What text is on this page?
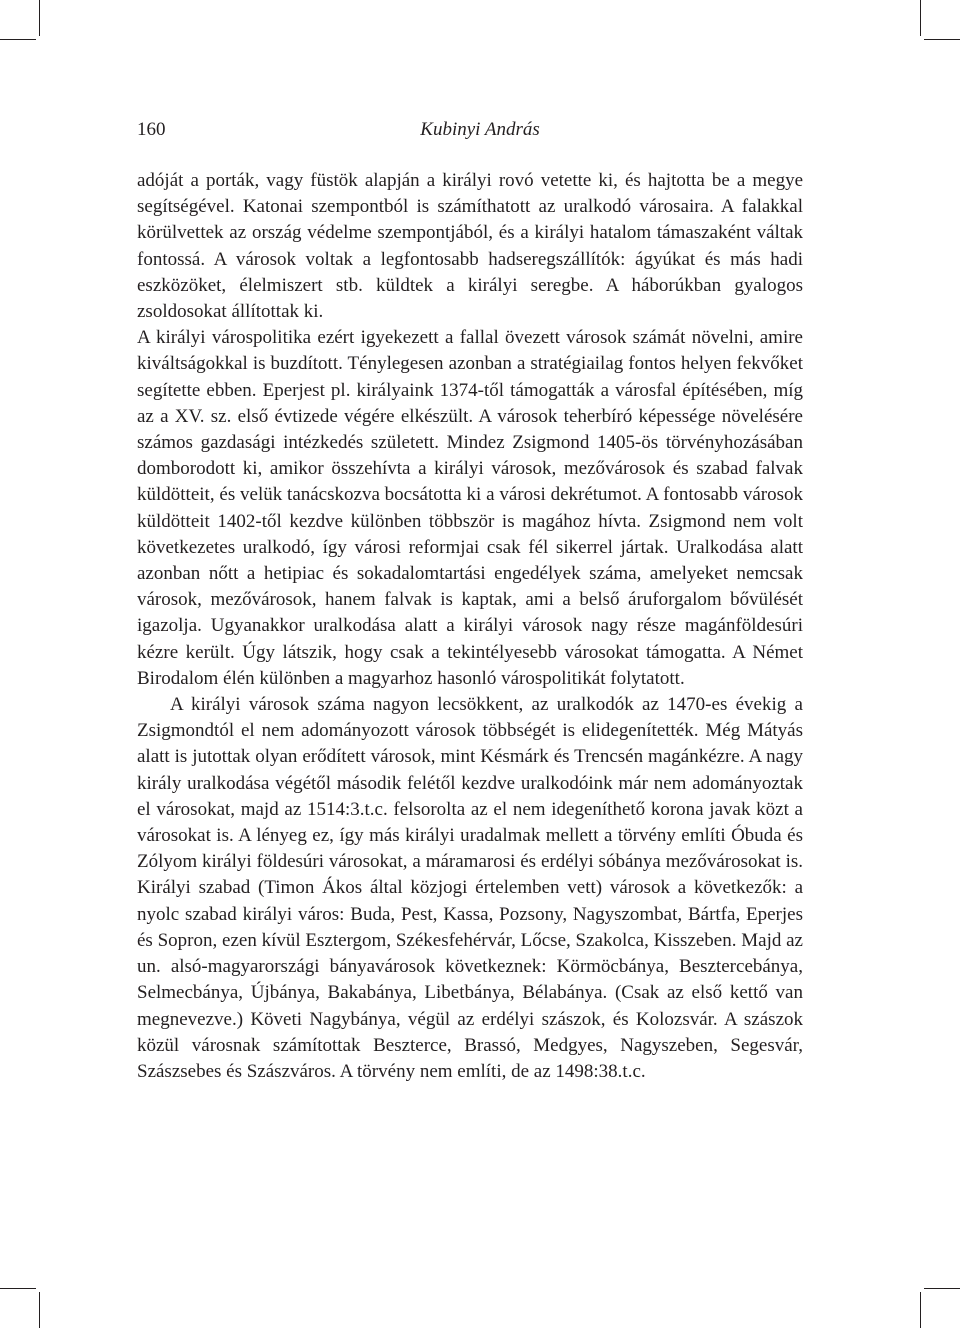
160	Kubinyi András

adóját a porták, vagy füstök alapján a királyi rovó vetette ki, és hajtotta be a megye segítségével. Katonai szempontból is számíthatott az uralkodó városaira. A falakkal körülvettek az ország védelme szempontjából, és a királyi hatalom támaszaként váltak fontossá. A városok voltak a legfontosabb hadseregszállítók: ágyúkat és más hadi eszközöket, élelmiszert stb. küldtek a királyi seregbe. A háborúkban gyalogos zsoldosokat állítottak ki.

A királyi várospolitika ezért igyekezett a fallal övezett városok számát növelni, amire kiváltságokkal is buzdított. Ténylegesen azonban a stratégiailag fontos helyen fekvőket segítette ebben. Eperjest pl. királyaink 1374-től támogatták a városfal építésében, míg az a XV. sz. első évtizede végére elkészült. A városok teherbíró képessége növelésére számos gazdasági intézkedés született. Mindez Zsigmond 1405-ös törvényhozásában domborodott ki, amikor összehívta a királyi városok, mezővárosok és szabad falvak küldötteit, és velük tanácskozva bocsátotta ki a városi dekrétumot. A fontosabb városok küldötteit 1402-től kezdve különben többször is magához hívta. Zsigmond nem volt következetes uralkodó, így városi reformjai csak fél sikerrel jártak. Uralkodása alatt azonban nőtt a hetipiac és sokadalomtartási engedélyek száma, amelyeket nemcsak városok, mezővárosok, hanem falvak is kaptak, ami a belső áruforgalom bővülését igazolja. Ugyanakkor uralkodása alatt a királyi városok nagy része magánföldesúri kézre került. Úgy látszik, hogy csak a tekintélyesebb városokat támogatta. A Német Birodalom élén különben a magyarhoz hasonló várospolitikát folytatott.

A királyi városok száma nagyon lecsökkent, az uralkodók az 1470-es évekig a Zsigmondtól el nem adományozott városok többségét is elidegenítették. Még Mátyás alatt is jutottak olyan erődített városok, mint Késmárk és Trencsén magánkézre. A nagy király uralkodása végétől második felétől kezdve uralkodóink már nem adományoztak el városokat, majd az 1514:3.t.c. felsorolta az el nem idegeníthető korona javak közt a városokat is. A lényeg ez, így más királyi uradalmak mellett a törvény említi Óbuda és Zólyom királyi földesúri városokat, a máramarosi és erdélyi sóbánya mezővárosokat is. Királyi szabad (Timon Ákos által közjogi értelemben vett) városok a következők: a nyolc szabad királyi város: Buda, Pest, Kassa, Pozsony, Nagyszombat, Bártfa, Eperjes és Sopron, ezen kívül Esztergom, Székesfehérvár, Lőcse, Szakolca, Kisszeben. Majd az un. alsó-magyarországi bányavárosok következnek: Körmöcbánya, Besztercebánya, Selmecbánya, Újbánya, Bakabánya, Libetbánya, Bélabánya. (Csak az első kettő van megnevezve.) Követi Nagybánya, végül az erdélyi szászok, és Kolozsvár. A szászok közül városnak számítottak Beszterce, Brassó, Medgyes, Nagyszeben, Segesvár, Szászsebes és Szászváros. A törvény nem említi, de az 1498:38.t.c.
